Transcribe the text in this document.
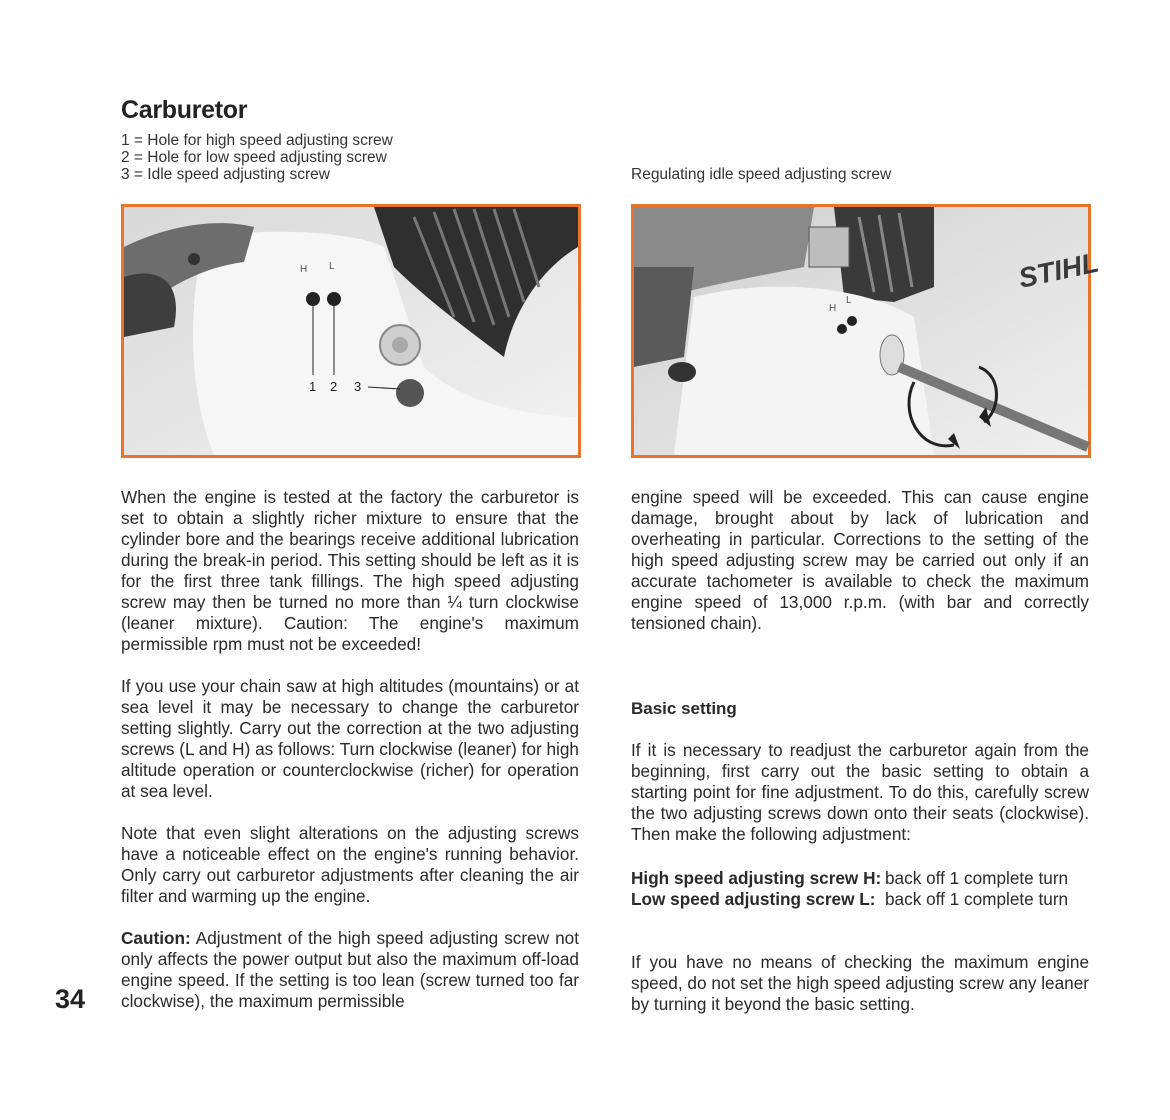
Carburetor
1 = Hole for high speed adjusting screw
2 = Hole for low speed adjusting screw
3 = Idle speed adjusting screw	Regulating idle speed adjusting screw
H L
1 2 3
H
L
STIHL

When the engine is tested at the factory the carburetor is set to obtain a slightly richer mixture to ensure that the cylinder bore and the bearings receive additional lubrication during the break-in period. This setting should be left as it is for the first three tank fillings. The high speed adjusting screw may then be turned no more than ¼ turn clockwise (leaner mixture). Caution: The engine's maximum permissible rpm must not be exceeded!

If you use your chain saw at high altitudes (mountains) or at sea level it may be necessary to change the carburetor setting slightly. Carry out the correction at the two adjusting screws (L and H) as follows: Turn clockwise (leaner) for high altitude operation or counterclockwise (richer) for operation at sea level.

Note that even slight alterations on the adjusting screws have a noticeable effect on the engine's running behavior. Only carry out carburetor adjustments after cleaning the air filter and warming up the engine.

Caution: Adjustment of the high speed adjusting screw not only affects the power output but also the maximum off-load engine speed. If the setting is too lean (screw turned too far clockwise), the maximum permissible

engine speed will be exceeded. This can cause engine damage, brought about by lack of lubrication and overheating in particular. Corrections to the setting of the high speed adjusting screw may be carried out only if an accurate tachometer is available to check the maximum engine speed of 13,000 r.p.m. (with bar and correctly tensioned chain).

Basic setting
If it is necessary to readjust the carburetor again from the beginning, first carry out the basic setting to obtain a starting point for fine adjustment. To do this, carefully screw the two adjusting screws down onto their seats (clockwise). Then make the following adjustment:
High speed adjusting screw H: back off 1 complete turn
Low speed adjusting screw L: back off 1 complete turn
If you have no means of checking the maximum engine speed, do not set the high speed adjusting screw any leaner by turning it beyond the basic setting.
34
